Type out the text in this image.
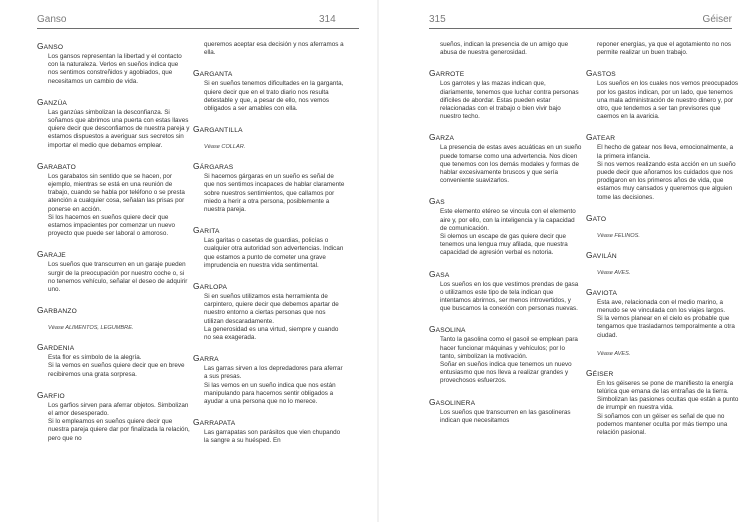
Ganso	314
GANSO

Los gansos representan la libertad y el contacto con la naturaleza. Verlos en sueños indica que nos sentimos constreñidos y agobiados, que necesitamos un cambio de vida.

GANZÚA

Las ganzúas simbolizan la desconfianza. Si soñamos que abrimos una puerta con estas llaves quiere decir que desconfiamos de nuestra pareja y estamos dispuestos a averiguar sus secretos sin importar el medio que debamos emplear.

GARABATO

Los garabatos sin sentido que se hacen, por ejemplo, mientras se está en una reunión de trabajo, cuando se habla por teléfono o se presta atención a cualquier cosa, señalan las prisas por ponerse en acción.

Si los hacemos en sueños quiere decir que estamos impacientes por comenzar un nuevo proyecto que puede ser laboral o amoroso.

GARAJE

Los sueños que transcurren en un garaje pueden surgir de la preocupación por nuestro coche o, si no tenemos vehículo, señalar el deseo de adquirir uno.

GARBANZO
Véase ALIMENTOS, LEGUMBRE.
GARDENIA

Esta flor es símbolo de la alegría.

Si la vemos en sueños quiere decir que en breve recibiremos una grata sorpresa.

GARFIO

Los garfios sirven para aferrar objetos. Simbolizan el amor desesperado.

Si lo empleamos en sueños quiere decir que nuestra pareja quiere dar por finalizada la relación, pero que no

queremos aceptar esa decisión y nos aferramos a ella.

GARGANTA

Si en sueños tenemos dificultades en la garganta, quiere decir que en el trato diario nos resulta detestable y que, a pesar de ello, nos vemos obligados a ser amables con ella.

GARGANTILLA
Véase COLLAR.
GÁRGARAS

Si hacemos gárgaras en un sueño es señal de que nos sentimos incapaces de hablar claramente sobre nuestros sentimientos, que callamos por miedo a herir a otra persona, posiblemente a nuestra pareja.

GARITA

Las garitas o casetas de guardias, policías o cualquier otra autoridad son advertencias. Indican que estamos a punto de cometer una grave imprudencia en nuestra vida sentimental.

GARLOPA

Si en sueños utilizamos esta herramienta de carpintero, quiere decir que debemos apartar de nuestro entorno a ciertas personas que nos utilizan descaradamente.

La generosidad es una virtud, siempre y cuando no sea exagerada.

GARRA

Las garras sirven a los depredadores para aferrar a sus presas.

Si las vemos en un sueño indica que nos están manipulando para hacernos sentir obligados a ayudar a una persona que no lo merece.

GARRAPATA

Las garrapatas son parásitos que vien chupando la sangre a su huésped. En

315	Géiser

sueños, indican la presencia de un amigo que abusa de nuestra generosidad.

GARROTE

Los garrotes y las mazas indican que, diariamente, tenemos que luchar contra personas difíciles de abordar. Estas pueden estar relacionadas con el trabajo o bien vivir bajo nuestro techo.

GARZA

La presencia de estas aves acuáticas en un sueño puede tomarse como una advertencia. Nos dicen que tenemos con los demás modales y formas de hablar excesivamente bruscos y que sería conveniente suavizarlos.

GAS

Este elemento etéreo se vincula con el elemento aire y, por ello, con la inteligencia y la capacidad de comunicación.

Si olemos un escape de gas quiere decir que tenemos una lengua muy afilada, que nuestra capacidad de agresión verbal es notoria.

GASA

Los sueños en los que vestimos prendas de gasa o utilizamos este tipo de tela indican que intentamos abrirnos, ser menos introvertidos, y que buscamos la conexión con personas nuevas.

GASOLINA

Tanto la gasolina como el gasoil se emplean para hacer funcionar máquinas y vehículos; por lo tanto, simbolizan la motivación.

Soñar en sueños indica que tenemos un nuevo entusiasmo que nos lleva a realizar grandes y provechosos esfuerzos.

GASOLINERA

Los sueños que transcurren en las gasolineras indican que necesitamos

reponer energías, ya que el agotamiento no nos permite realizar un buen trabajo.

GASTOS

Los sueños en los cuales nos vemos preocupados por los gastos indican, por un lado, que tenemos una mala administración de nuestro dinero y, por otro, que tendemos a ser tan previsores que caemos en la avaricia.

GATEAR

El hecho de gatear nos lleva, emocionalmente, a la primera infancia.

Si nos vemos realizando esta acción en un sueño puede decir que añoramos los cuidados que nos prodigaron en los primeros años de vida, que estamos muy cansados y queremos que alguien tome las decisiones.

GATO
Véase FELINOS.
GAVILÁN
Véase AVES.
GAVIOTA

Esta ave, relacionada con el medio marino, a menudo se ve vinculada con los viajes largos.

Si la vemos planear en el cielo es probable que tengamos que trasladarnos temporalmente a otra ciudad.

Véase AVES.
GÉISER

En los géiseres se pone de manifiesto la energía telúrica que emana de las entrañas de la tierra. Simbolizan las pasiones ocultas que están a punto de irrumpir en nuestra vida.

Si soñamos con un géiser es señal de que no podemos mantener oculta por más tiempo una relación pasional.
